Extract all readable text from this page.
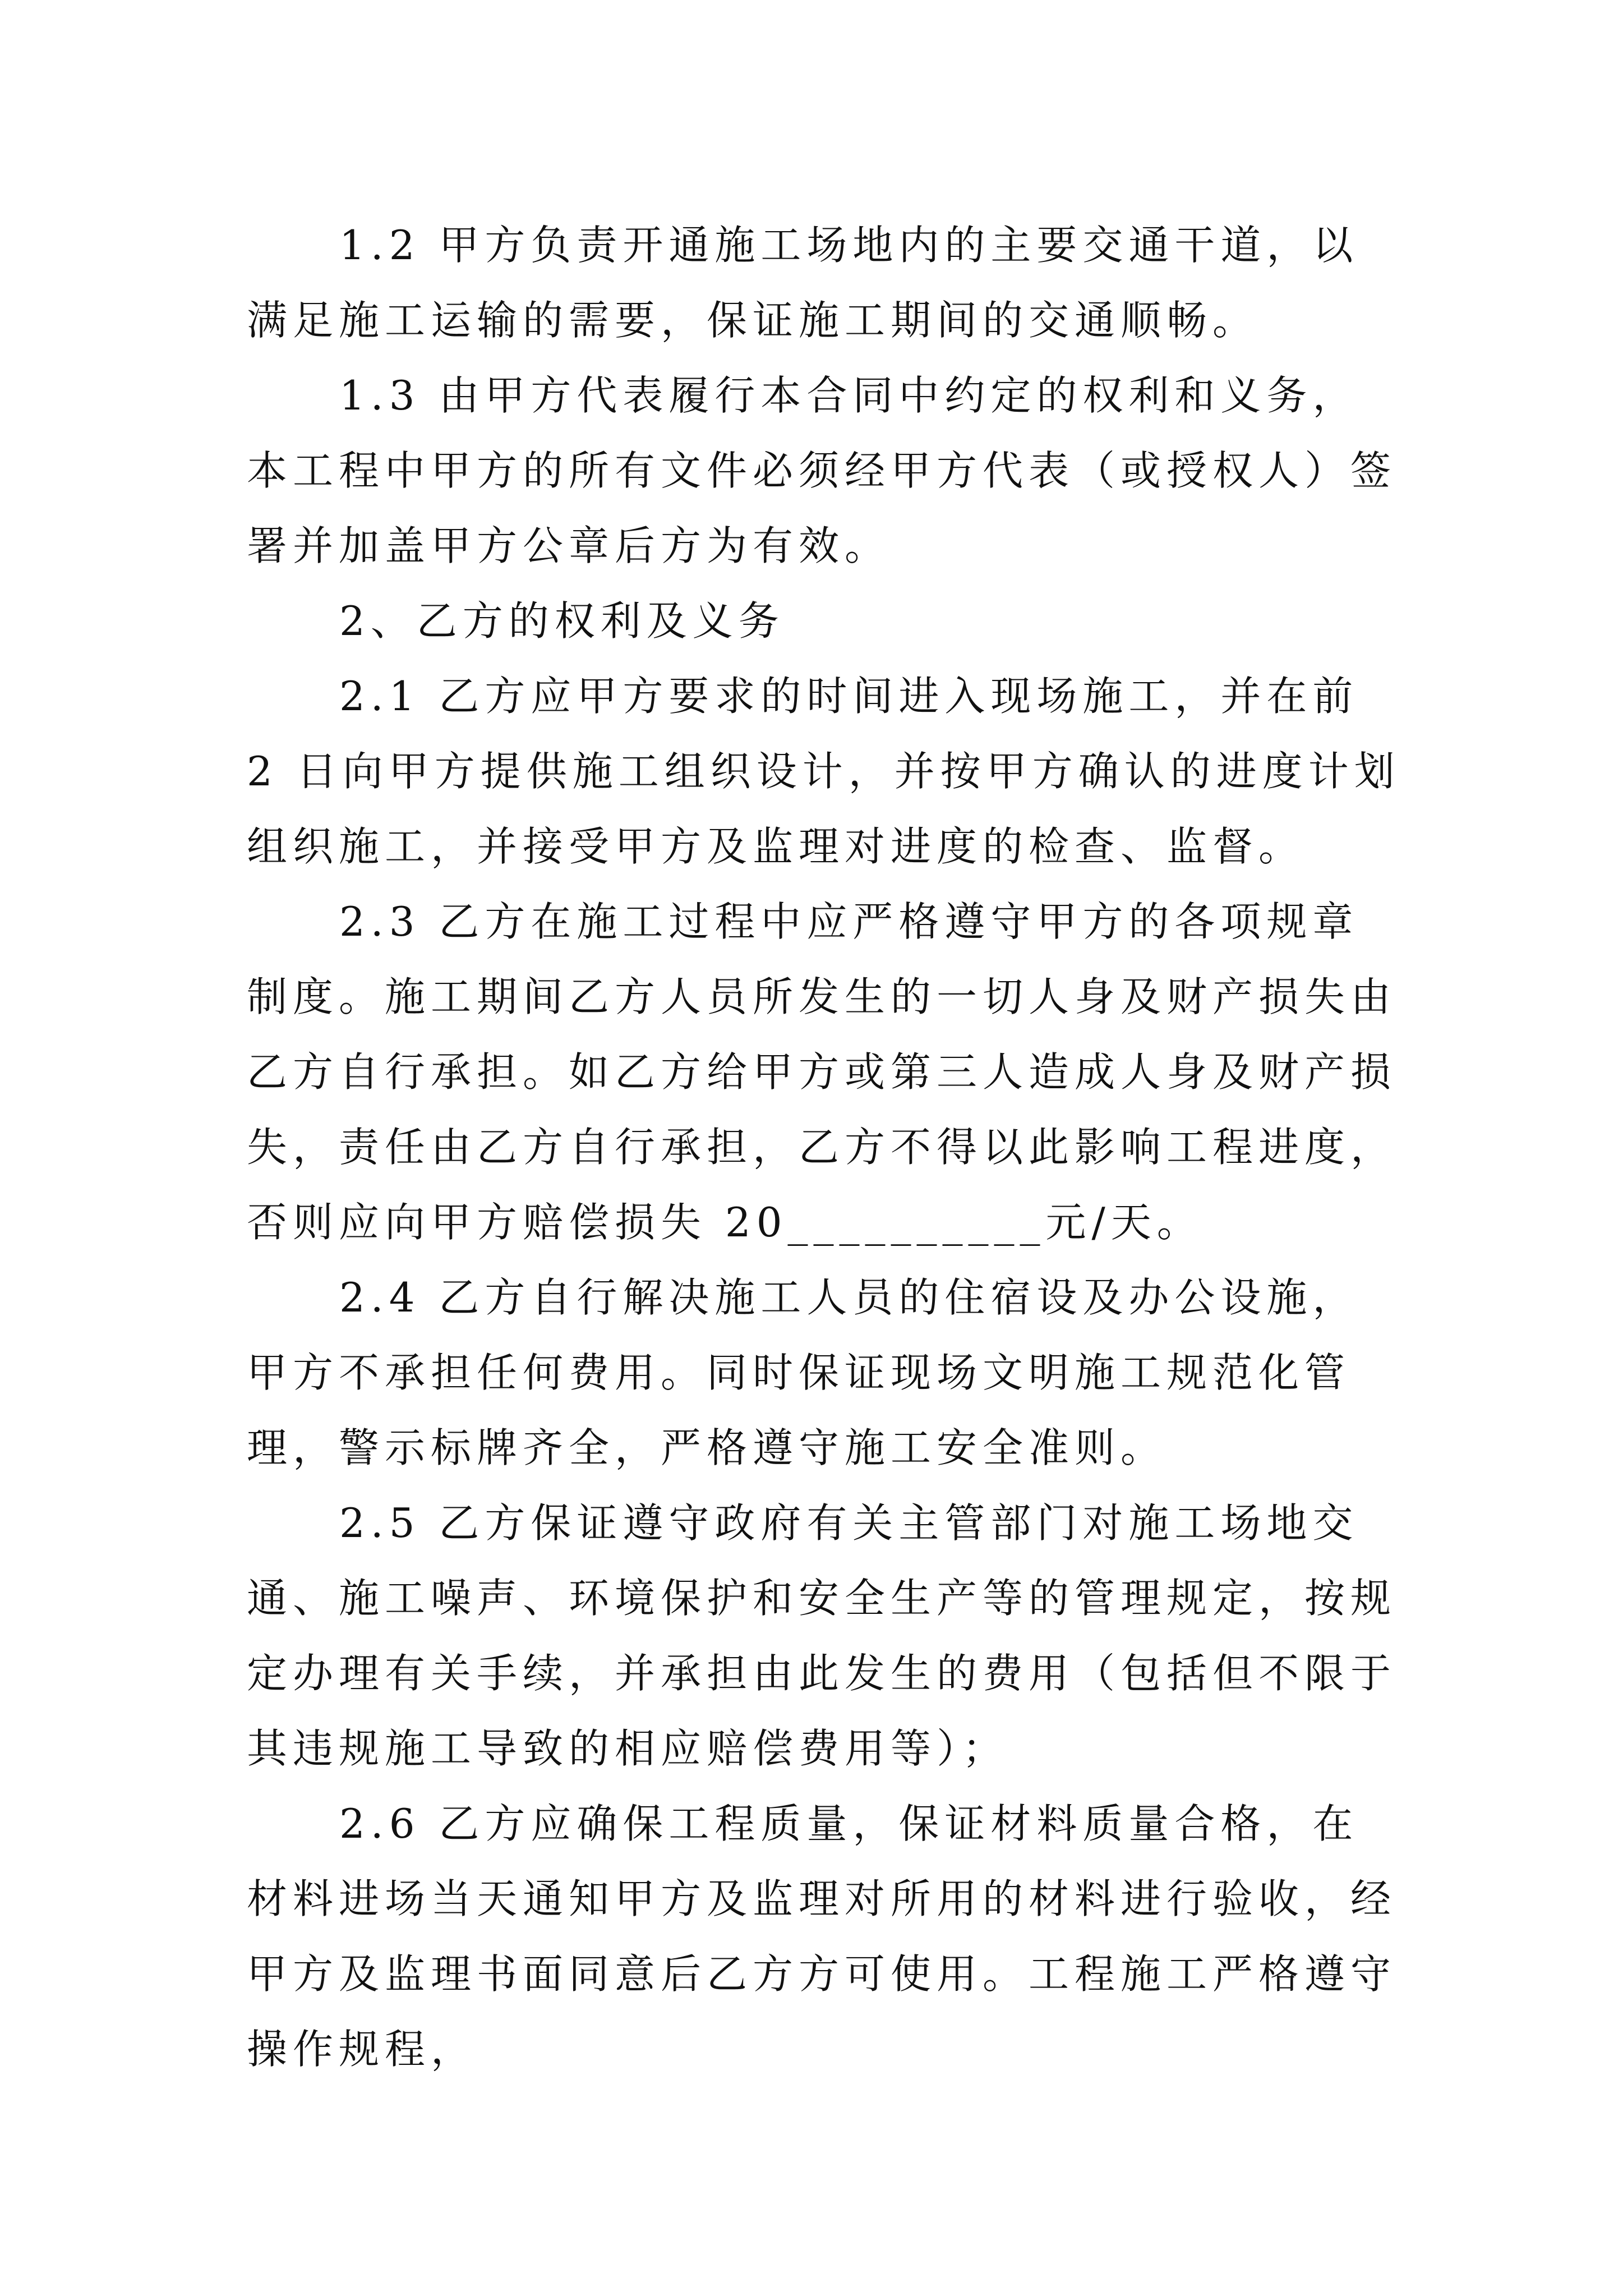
1.2 甲方负责开通施工场地内的主要交通干道，以满足施工运输的需要，保证施工期间的交通顺畅。

1.3 由甲方代表履行本合同中约定的权利和义务，本工程中甲方的所有文件必须经甲方代表（或授权人）签署并加盖甲方公章后方为有效。

2、乙方的权利及义务

2.1 乙方应甲方要求的时间进入现场施工，并在前 2 日向甲方提供施工组织设计，并按甲方确认的进度计划组织施工，并接受甲方及监理对进度的检查、监督。

2.3 乙方在施工过程中应严格遵守甲方的各项规章制度。施工期间乙方人员所发生的一切人身及财产损失由乙方自行承担。如乙方给甲方或第三人造成人身及财产损失，责任由乙方自行承担，乙方不得以此影响工程进度，否则应向甲方赔偿损失 20__________元/天。

2.4 乙方自行解决施工人员的住宿设及办公设施，甲方不承担任何费用。同时保证现场文明施工规范化管理，警示标牌齐全，严格遵守施工安全准则。

2.5 乙方保证遵守政府有关主管部门对施工场地交通、施工噪声、环境保护和安全生产等的管理规定，按规定办理有关手续，并承担由此发生的费用（包括但不限于其违规施工导致的相应赔偿费用等）；

2.6 乙方应确保工程质量，保证材料质量合格，在材料进场当天通知甲方及监理对所用的材料进行验收，经甲方及监理书面同意后乙方方可使用。工程施工严格遵守操作规程，
